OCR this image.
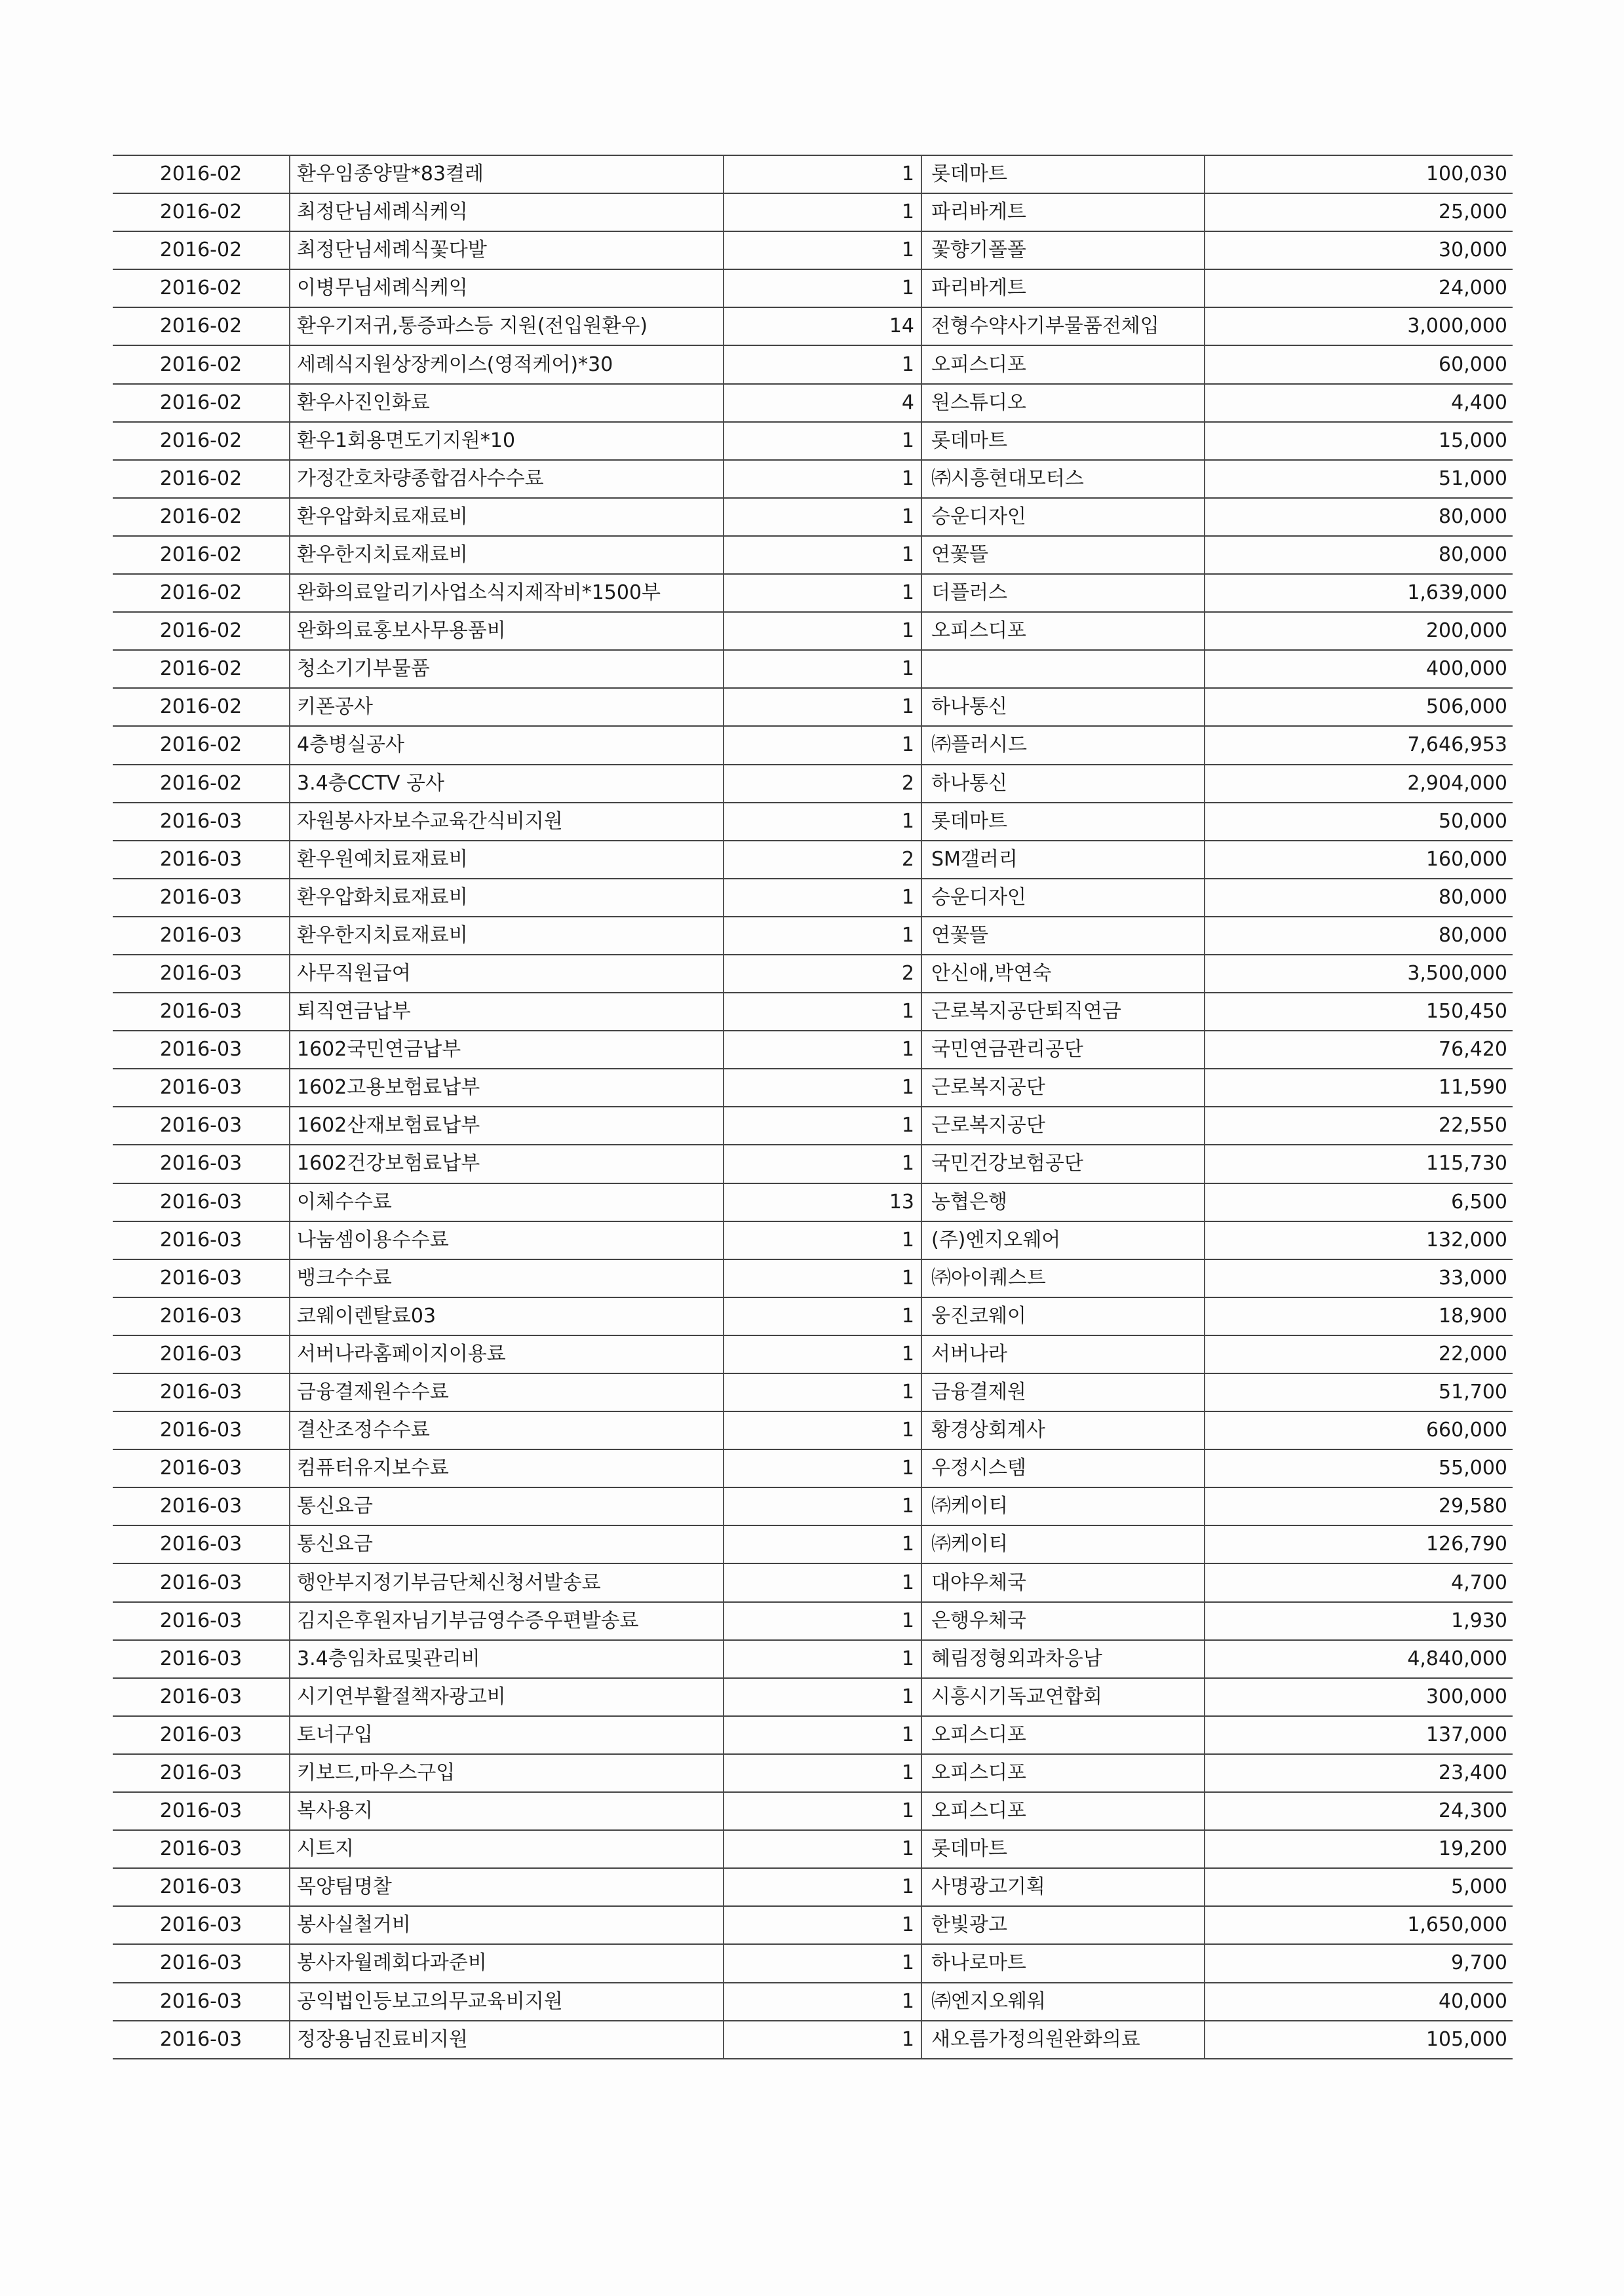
2016-02	환우임종양말*83켤레	1	롯데마트	100,030
2016-02	최정단님세례식케익	1	파리바게트	25,000
2016-02	최정단님세례식꽃다발	1	꽃향기폴폴	30,000
2016-02	이병무님세례식케익	1	파리바게트	24,000
2016-02	환우기저귀,통증파스등 지원(전입원환우)	14	전형수약사기부물품전체입	3,000,000
2016-02	세례식지원상장케이스(영적케어)*30	1	오피스디포	60,000
2016-02	환우사진인화료	4	원스튜디오	4,400
2016-02	환우1회용면도기지원*10	1	롯데마트	15,000
2016-02	가정간호차량종합검사수수료	1	㈜시흥현대모터스	51,000
2016-02	환우압화치료재료비	1	승운디자인	80,000
2016-02	환우한지치료재료비	1	연꽃뜰	80,000
2016-02	완화의료알리기사업소식지제작비*1500부	1	더플러스	1,639,000
2016-02	완화의료홍보사무용품비	1	오피스디포	200,000
2016-02	청소기기부물품	1		400,000
2016-02	키폰공사	1	하나통신	506,000
2016-02	4층병실공사	1	㈜플러시드	7,646,953
2016-02	3.4층CCTV 공사	2	하나통신	2,904,000
2016-03	자원봉사자보수교육간식비지원	1	롯데마트	50,000
2016-03	환우원예치료재료비	2	SM갤러리	160,000
2016-03	환우압화치료재료비	1	승운디자인	80,000
2016-03	환우한지치료재료비	1	연꽃뜰	80,000
2016-03	사무직원급여	2	안신애,박연숙	3,500,000
2016-03	퇴직연금납부	1	근로복지공단퇴직연금	150,450
2016-03	1602국민연금납부	1	국민연금관리공단	76,420
2016-03	1602고용보험료납부	1	근로복지공단	11,590
2016-03	1602산재보험료납부	1	근로복지공단	22,550
2016-03	1602건강보험료납부	1	국민건강보험공단	115,730
2016-03	이체수수료	13	농협은행	6,500
2016-03	나눔셈이용수수료	1	(주)엔지오웨어	132,000
2016-03	뱅크수수료	1	㈜아이퀘스트	33,000
2016-03	코웨이렌탈료03	1	웅진코웨이	18,900
2016-03	서버나라홈페이지이용료	1	서버나라	22,000
2016-03	금융결제원수수료	1	금융결제원	51,700
2016-03	결산조정수수료	1	황경상회계사	660,000
2016-03	컴퓨터유지보수료	1	우정시스템	55,000
2016-03	통신요금	1	㈜케이티	29,580
2016-03	통신요금	1	㈜케이티	126,790
2016-03	행안부지정기부금단체신청서발송료	1	대야우체국	4,700
2016-03	김지은후원자님기부금영수증우편발송료	1	은행우체국	1,930
2016-03	3.4층임차료및관리비	1	혜림정형외과차응남	4,840,000
2016-03	시기연부활절책자광고비	1	시흥시기독교연합회	300,000
2016-03	토너구입	1	오피스디포	137,000
2016-03	키보드,마우스구입	1	오피스디포	23,400
2016-03	복사용지	1	오피스디포	24,300
2016-03	시트지	1	롯데마트	19,200
2016-03	목양팀명찰	1	사명광고기획	5,000
2016-03	봉사실철거비	1	한빛광고	1,650,000
2016-03	봉사자월례회다과준비	1	하나로마트	9,700
2016-03	공익법인등보고의무교육비지원	1	㈜엔지오웨워	40,000
2016-03	정장용님진료비지원	1	새오름가정의원완화의료	105,000
